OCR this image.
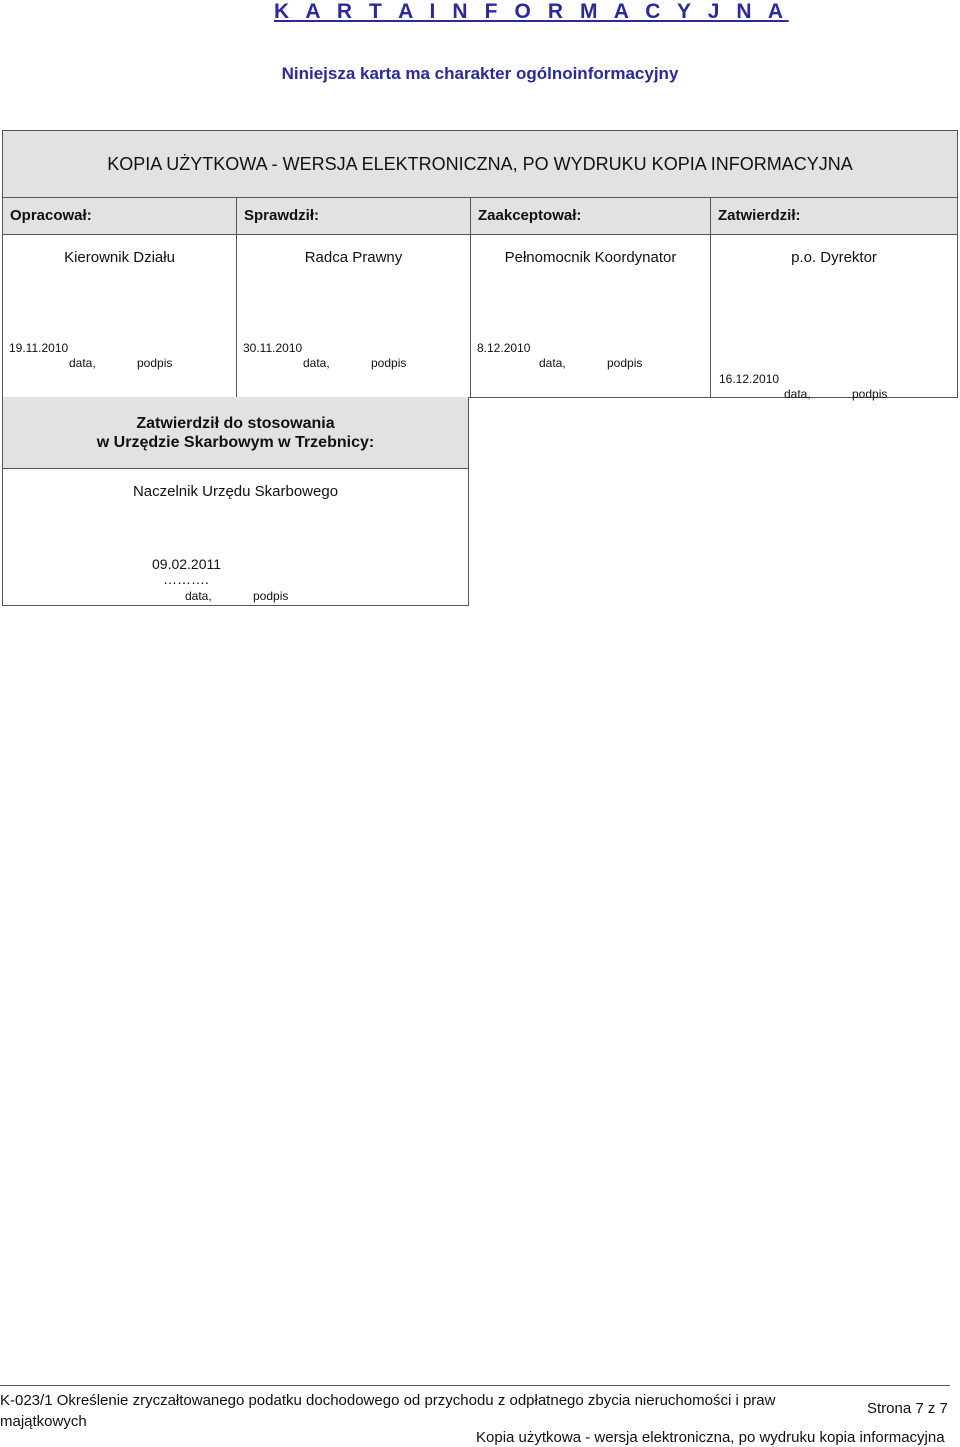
K A R T A I N F O R M A C Y J N A
Niniejsza karta ma charakter ogólnoinformacyjny
KOPIA UŻYTKOWA - WERSJA ELEKTRONICZNA, PO WYDRUKU KOPIA INFORMACYJNA
Opracował:	Sprawdził:	Zaakceptował:	Zatwierdził:
Kierownik Działu
19.11.2010
data,	podpis
Radca Prawny
30.11.2010
data,	podpis
Pełnomocnik Koordynator
8.12.2010
data,	podpis
p.o. Dyrektor
16.12.2010
data,	podpis
Zatwierdził do stosowania
w Urzędzie Skarbowym w Trzebnicy:
Naczelnik Urzędu Skarbowego
09.02.2011
……….
data,	podpis
K-023/1 Określenie zryczałtowanego podatku dochodowego od przychodu z odpłatnego zbycia nieruchomości i praw majątkowych
Strona 7 z 7
Kopia użytkowa - wersja elektroniczna, po wydruku kopia informacyjna
